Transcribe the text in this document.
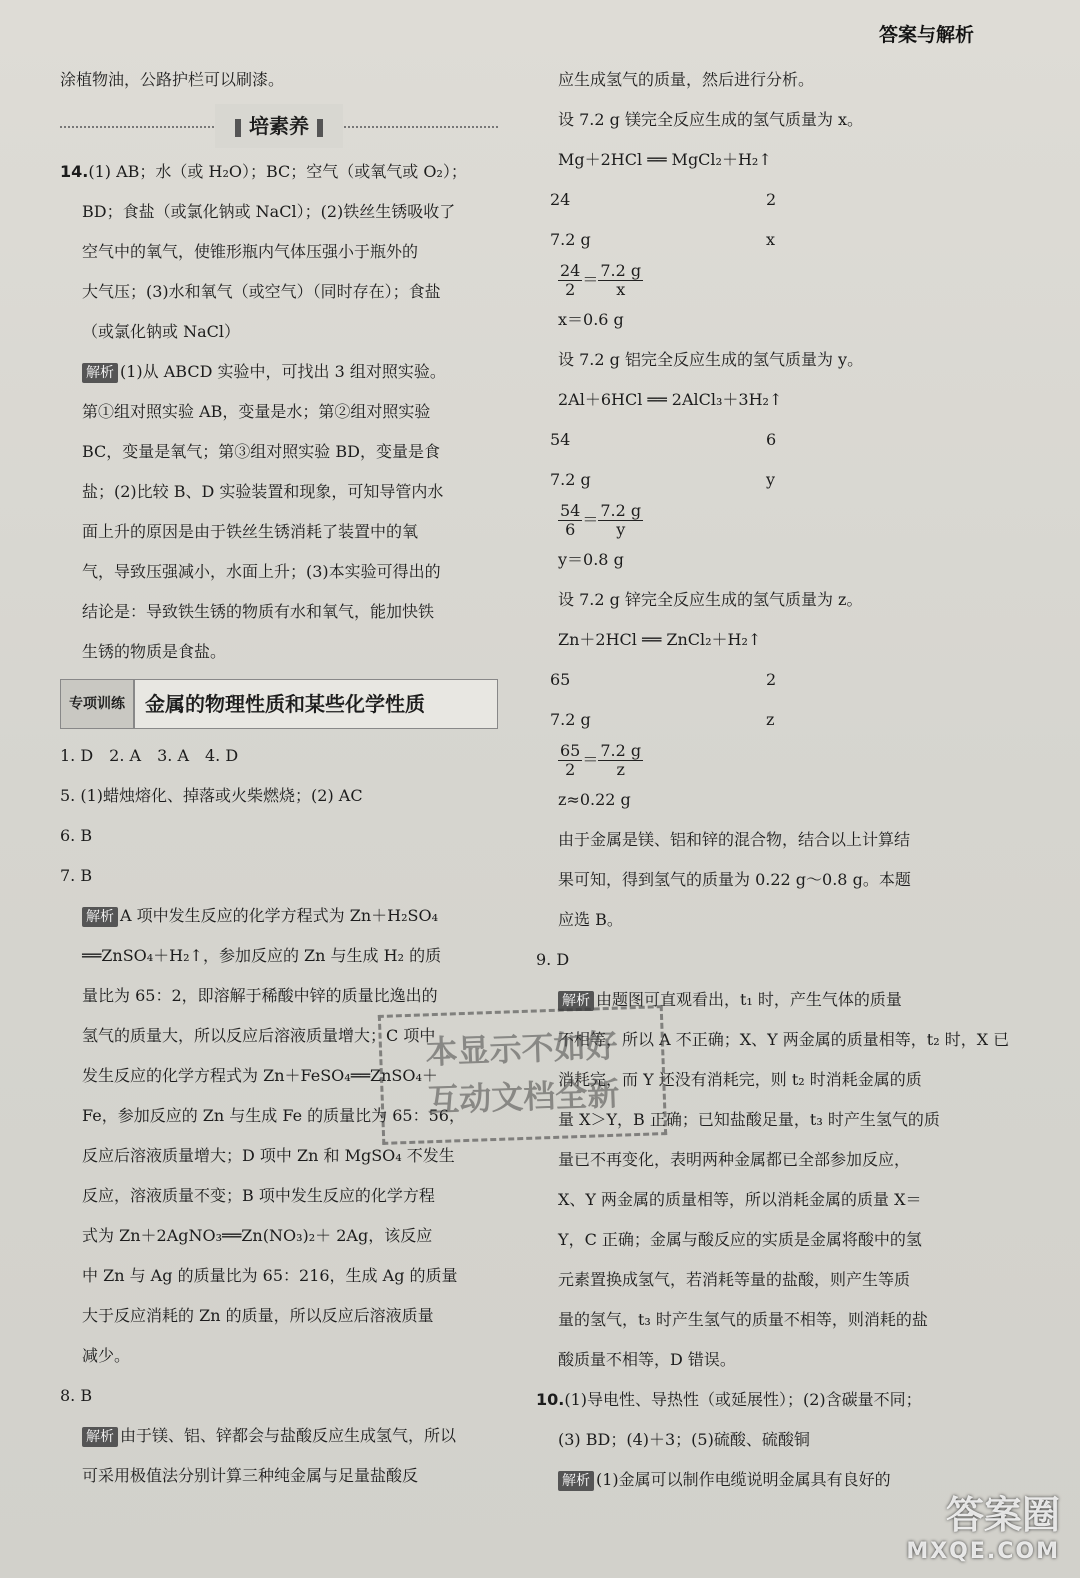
答案与解析
涂植物油，公路护栏可以刷漆。
培素养
14.(1) AB；水（或 H₂O）；BC；空气（或氧气或 O₂）；
BD；食盐（或氯化钠或 NaCl）；(2)铁丝生锈吸收了
空气中的氧气，使锥形瓶内气体压强小于瓶外的
大气压；(3)水和氧气（或空气）（同时存在）；食盐
（或氯化钠或 NaCl）
解析 (1)从 ABCD 实验中，可找出 3 组对照实验。
第①组对照实验 AB，变量是水；第②组对照实验
BC，变量是氧气；第③组对照实验 BD，变量是食
盐；(2)比较 B、D 实验装置和现象，可知导管内水
面上升的原因是由于铁丝生锈消耗了装置中的氧
气，导致压强减小，水面上升；(3)本实验可得出的
结论是：导致铁生锈的物质有水和氧气，能加快铁
生锈的物质是食盐。
专项训练	金属的物理性质和某些化学性质
1. D　2. A　3. A　4. D
5. (1)蜡烛熔化、掉落或火柴燃烧；(2) AC
6. B
7. B
解析 A 项中发生反应的化学方程式为 Zn＋H₂SO₄
══ZnSO₄＋H₂↑，参加反应的 Zn 与生成 H₂ 的质
量比为 65：2，即溶解于稀酸中锌的质量比逸出的
氢气的质量大，所以反应后溶液质量增大；C 项中
发生反应的化学方程式为 Zn＋FeSO₄══ZnSO₄＋
Fe，参加反应的 Zn 与生成 Fe 的质量比为 65：56，
反应后溶液质量增大；D 项中 Zn 和 MgSO₄ 不发生
反应，溶液质量不变；B 项中发生反应的化学方程
式为 Zn＋2AgNO₃══Zn(NO₃)₂＋ 2Ag，该反应
中 Zn 与 Ag 的质量比为 65：216，生成 Ag 的质量
大于反应消耗的 Zn 的质量，所以反应后溶液质量
减少。
8. B
解析 由于镁、铝、锌都会与盐酸反应生成氢气，所以
可采用极值法分别计算三种纯金属与足量盐酸反
应生成氢气的质量，然后进行分析。
设 7.2 g 镁完全反应生成的氢气质量为 x。
Mg＋2HCl ══ MgCl₂＋H₂↑
24	2
7.2 g	x
$\frac{24}{2} = \frac{7.2 g}{x}$
x＝0.6 g
设 7.2 g 铝完全反应生成的氢气质量为 y。
2Al＋6HCl ══ 2AlCl₃＋3H₂↑
54	6
7.2 g	y
$\frac{54}{6} = \frac{7.2 g}{y}$
y＝0.8 g
设 7.2 g 锌完全反应生成的氢气质量为 z。
Zn＋2HCl ══ ZnCl₂＋H₂↑
65	2
7.2 g	z
$\frac{65}{2} = \frac{7.2 g}{z}$
z≈0.22 g
由于金属是镁、铝和锌的混合物，结合以上计算结
果可知，得到氢气的质量为 0.22 g～0.8 g。本题
应选 B。
9. D
解析 由题图可直观看出，t₁ 时，产生气体的质量
不相等，所以 A 不正确；X、Y 两金属的质量相等，t₂ 时，X 已
消耗完，而 Y 还没有消耗完，则 t₂ 时消耗金属的质
量 X＞Y，B 正确；已知盐酸足量，t₃ 时产生氢气的质
量已不再变化，表明两种金属都已全部参加反应，
X、Y 两金属的质量相等，所以消耗金属的质量 X＝
Y，C 正确；金属与酸反应的实质是金属将酸中的氢
元素置换成氢气，若消耗等量的盐酸，则产生等质
量的氢气，t₃ 时产生氢气的质量不相等，则消耗的盐
酸质量不相等，D 错误。
10.(1)导电性、导热性（或延展性）；(2)含碳量不同；
(3) BD；(4)＋3；(5)硫酸、硫酸铜
解析 (1)金属可以制作电缆说明金属具有良好的
本显示不如好
互动文档全新
答案圈
MXQE.COM
